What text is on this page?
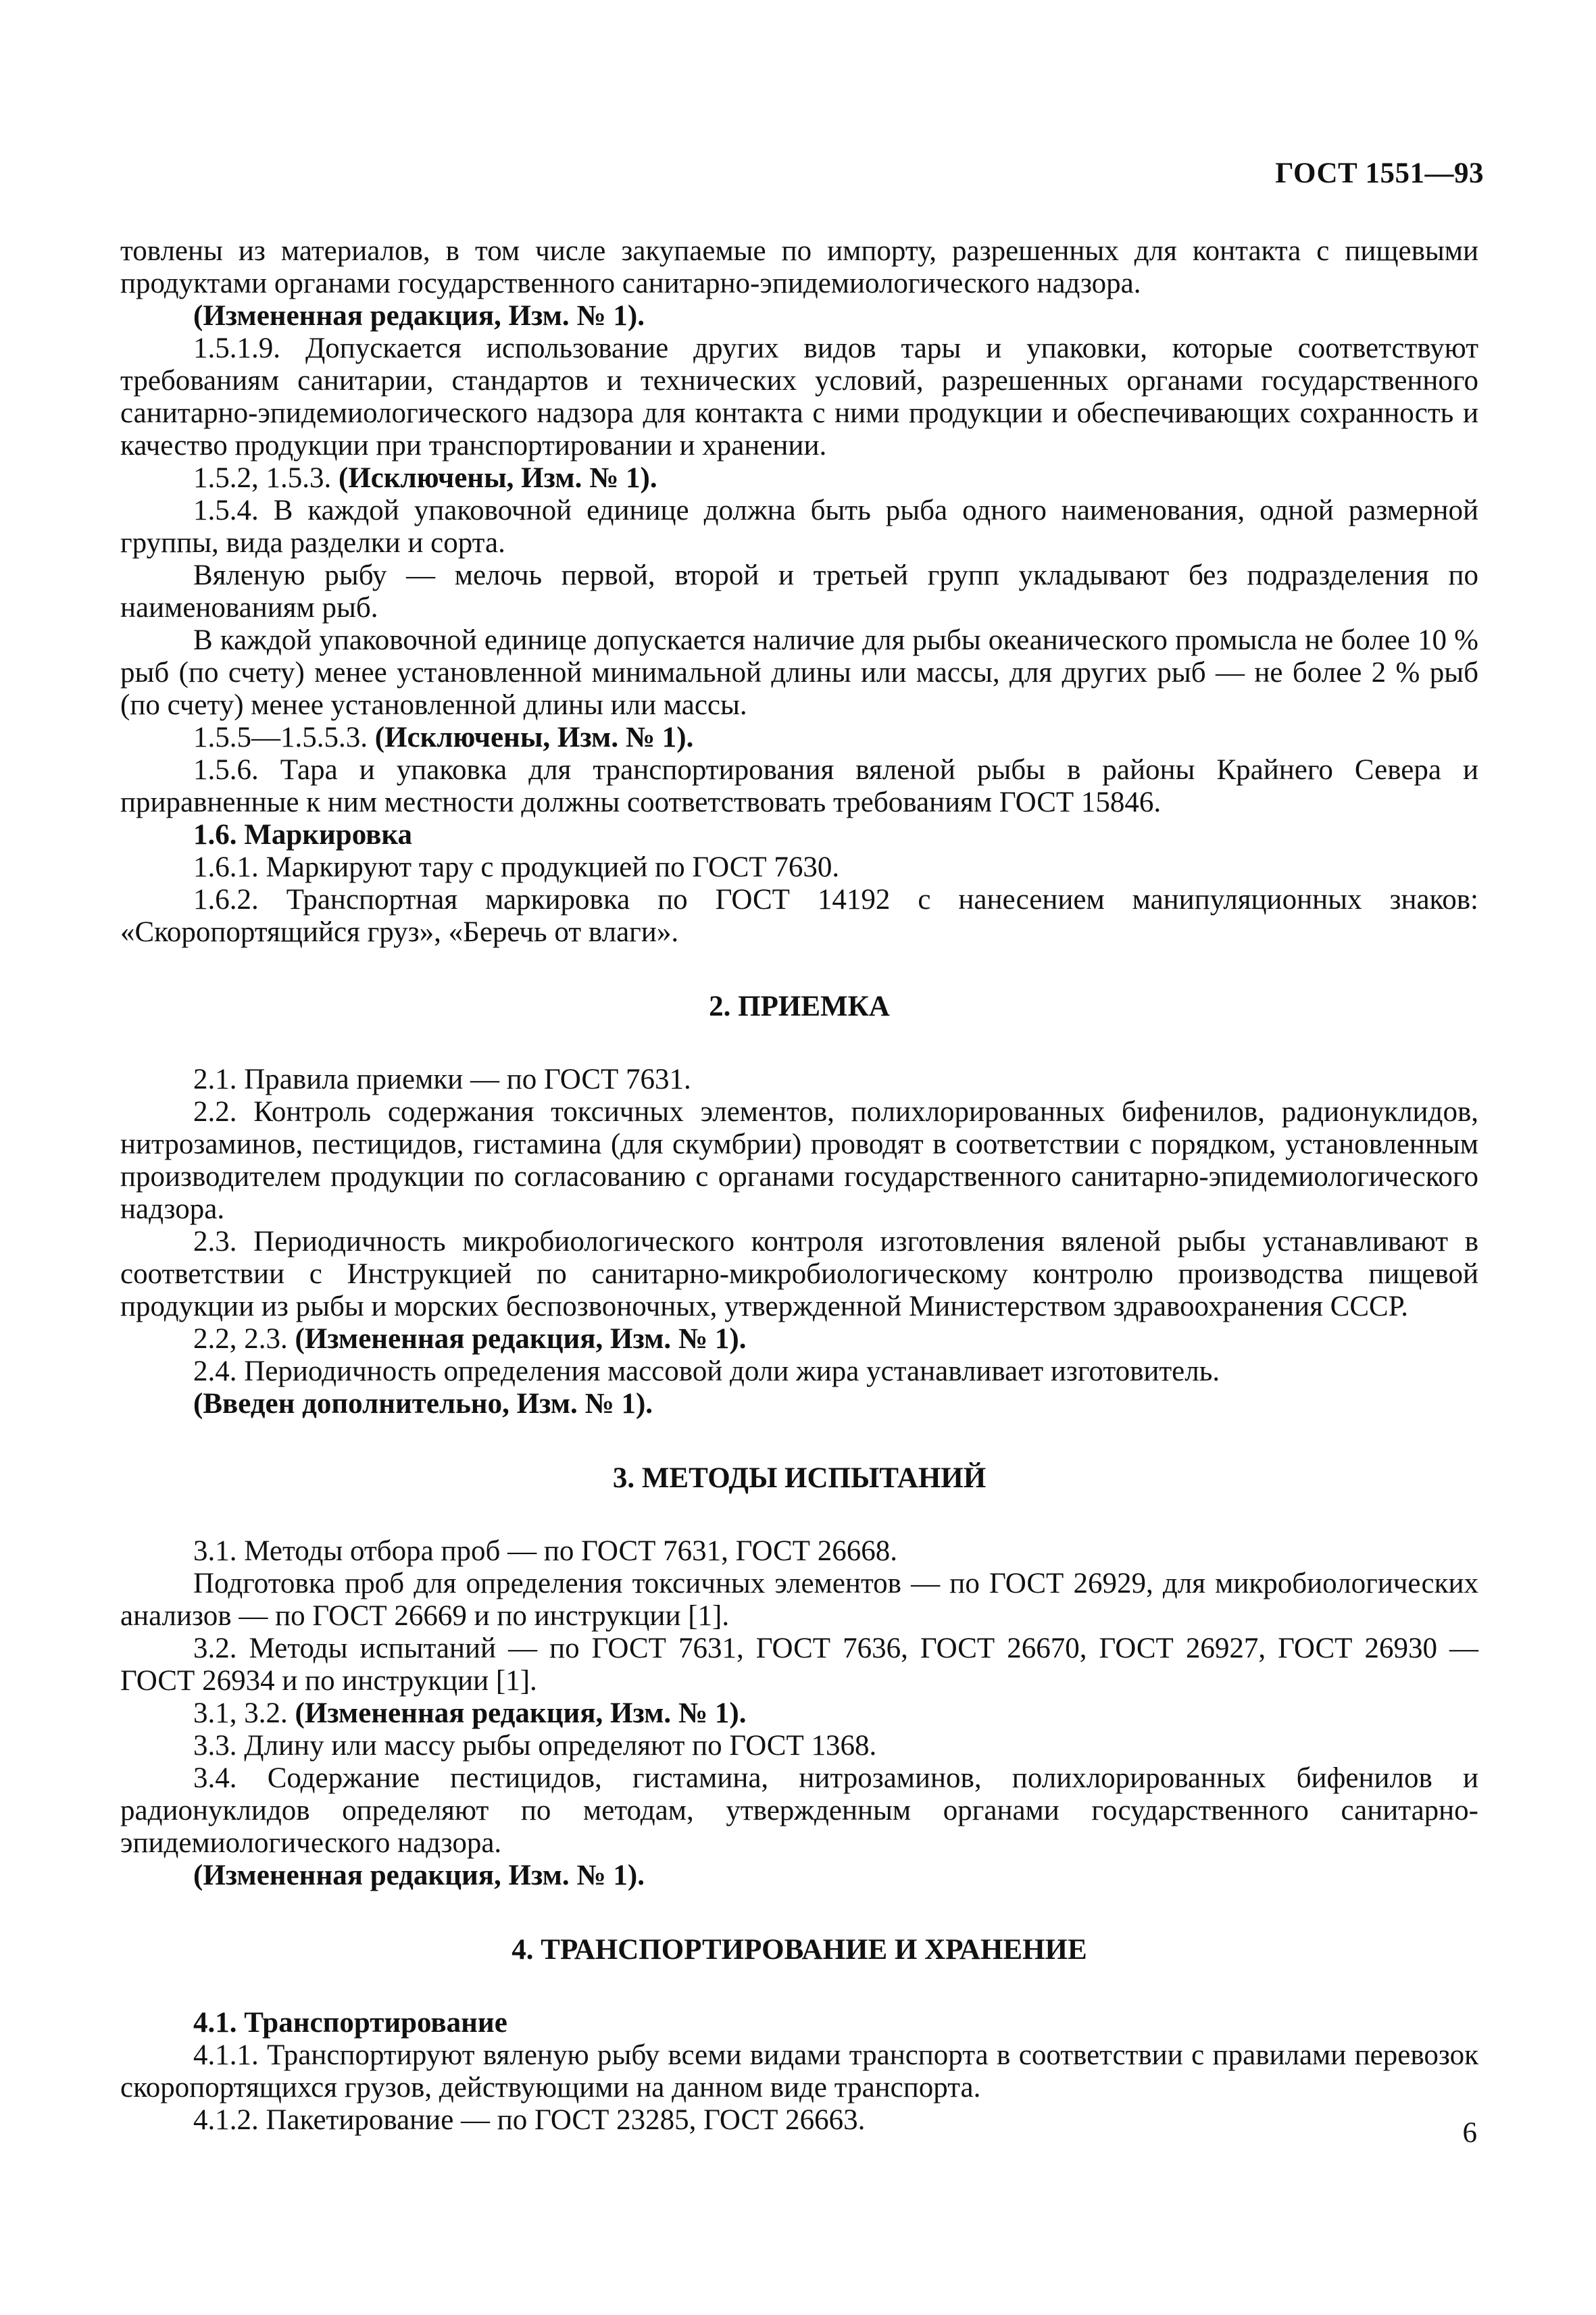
ГОСТ 1551—93

товлены из материалов, в том числе закупаемые по импорту, разрешенных для контакта с пищевыми продуктами органами государственного санитарно-эпидемиологического надзора.

(Измененная редакция, Изм. № 1).

1.5.1.9. Допускается использование других видов тары и упаковки, которые соответствуют требованиям санитарии, стандартов и технических условий, разрешенных органами государственного санитарно-эпидемиологического надзора для контакта с ними продукции и обеспечивающих сохранность и качество продукции при транспортировании и хранении.

1.5.2, 1.5.3. (Исключены, Изм. № 1).

1.5.4. В каждой упаковочной единице должна быть рыба одного наименования, одной размерной группы, вида разделки и сорта.

Вяленую рыбу — мелочь первой, второй и третьей групп укладывают без подразделения по наименованиям рыб.

В каждой упаковочной единице допускается наличие для рыбы океанического промысла не более 10 % рыб (по счету) менее установленной минимальной длины или массы, для других рыб — не более 2 % рыб (по счету) менее установленной длины или массы.

1.5.5—1.5.5.3. (Исключены, Изм. № 1).

1.5.6. Тара и упаковка для транспортирования вяленой рыбы в районы Крайнего Севера и приравненные к ним местности должны соответствовать требованиям ГОСТ 15846.

1.6. Маркировка

1.6.1. Маркируют тару с продукцией по ГОСТ 7630.

1.6.2. Транспортная маркировка по ГОСТ 14192 с нанесением манипуляционных знаков: «Скоропортящийся груз», «Беречь от влаги».

2. ПРИЕМКА

2.1. Правила приемки — по ГОСТ 7631.

2.2. Контроль содержания токсичных элементов, полихлорированных бифенилов, радионуклидов, нитрозаминов, пестицидов, гистамина (для скумбрии) проводят в соответствии с порядком, установленным производителем продукции по согласованию с органами государственного санитарно-эпидемиологического надзора.

2.3. Периодичность микробиологического контроля изготовления вяленой рыбы устанавливают в соответствии с Инструкцией по санитарно-микробиологическому контролю производства пищевой продукции из рыбы и морских беспозвоночных, утвержденной Министерством здравоохранения СССР.

2.2, 2.3. (Измененная редакция, Изм. № 1).

2.4. Периодичность определения массовой доли жира устанавливает изготовитель.

(Введен дополнительно, Изм. № 1).

3. МЕТОДЫ ИСПЫТАНИЙ

3.1. Методы отбора проб — по ГОСТ 7631, ГОСТ 26668.

Подготовка проб для определения токсичных элементов — по ГОСТ 26929, для микробиологических анализов — по ГОСТ 26669 и по инструкции [1].

3.2. Методы испытаний — по ГОСТ 7631, ГОСТ 7636, ГОСТ 26670, ГОСТ 26927, ГОСТ 26930 — ГОСТ 26934 и по инструкции [1].

3.1, 3.2. (Измененная редакция, Изм. № 1).

3.3. Длину или массу рыбы определяют по ГОСТ 1368.

3.4. Содержание пестицидов, гистамина, нитрозаминов, полихлорированных бифенилов и радионуклидов определяют по методам, утвержденным органами государственного санитарно-эпидемиологического надзора.

(Измененная редакция, Изм. № 1).

4. ТРАНСПОРТИРОВАНИЕ И ХРАНЕНИЕ

4.1. Транспортирование

4.1.1. Транспортируют вяленую рыбу всеми видами транспорта в соответствии с правилами перевозок скоропортящихся грузов, действующими на данном виде транспорта.

4.1.2. Пакетирование — по ГОСТ 23285, ГОСТ 26663.	6
